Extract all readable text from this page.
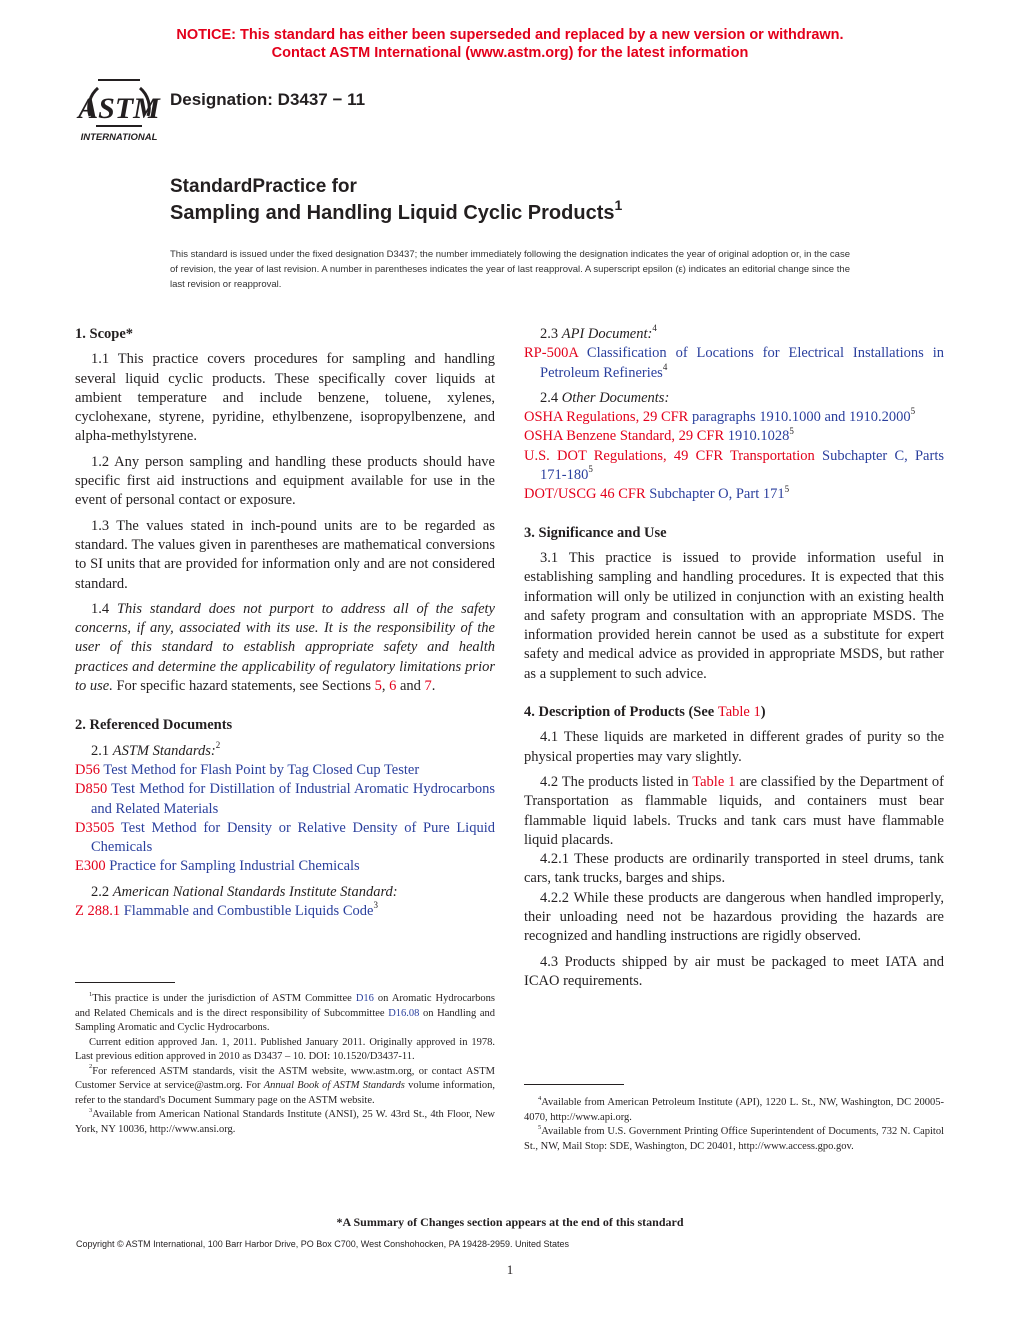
NOTICE: This standard has either been superseded and replaced by a new version or withdrawn.
Contact ASTM International (www.astm.org) for the latest information
ASTM
INTERNATIONAL
Designation: D3437 − 11
StandardPractice for
Sampling and Handling Liquid Cyclic Products$^1$
This standard is issued under the fixed designation D3437; the number immediately following the designation indicates the year of original adoption or, in the case of revision, the year of last revision. A number in parentheses indicates the year of last reapproval. A superscript epsilon (ε) indicates an editorial change since the last revision or reapproval.

1. Scope*

1.1 This practice covers procedures for sampling and handling several liquid cyclic products. These specifically cover liquids at ambient temperature and include benzene, toluene, xylenes, cyclohexane, styrene, pyridine, ethylbenzene, isopropylbenzene, and alpha-methylstyrene.

1.2 Any person sampling and handling these products should have specific first aid instructions and equipment available for use in the event of personal contact or exposure.

1.3 The values stated in inch-pound units are to be regarded as standard. The values given in parentheses are mathematical conversions to SI units that are provided for information only and are not considered standard.

1.4 This standard does not purport to address all of the safety concerns, if any, associated with its use. It is the responsibility of the user of this standard to establish appropriate safety and health practices and determine the applicability of regulatory limitations prior to use. For specific hazard statements, see Sections 5, 6 and 7.

2. Referenced Documents

2.1 ASTM Standards:$^2$

D56 Test Method for Flash Point by Tag Closed Cup Tester

D850 Test Method for Distillation of Industrial Aromatic Hydrocarbons and Related Materials

D3505 Test Method for Density or Relative Density of Pure Liquid Chemicals

E300 Practice for Sampling Industrial Chemicals

2.2 American National Standards Institute Standard:

Z 288.1 Flammable and Combustible Liquids Code$^3$

$^1$This practice is under the jurisdiction of ASTM Committee D16 on Aromatic Hydrocarbons and Related Chemicals and is the direct responsibility of Subcommittee D16.08 on Handling and Sampling Aromatic and Cyclic Hydrocarbons.

Current edition approved Jan. 1, 2011. Published January 2011. Originally approved in 1978. Last previous edition approved in 2010 as D3437 – 10. DOI: 10.1520/D3437-11.

$^2$For referenced ASTM standards, visit the ASTM website, www.astm.org, or contact ASTM Customer Service at service@astm.org. For Annual Book of ASTM Standards volume information, refer to the standard's Document Summary page on the ASTM website.

$^3$Available from American National Standards Institute (ANSI), 25 W. 43rd St., 4th Floor, New York, NY 10036, http://www.ansi.org.

2.3 API Document:$^4$

RP-500A Classification of Locations for Electrical Installations in Petroleum Refineries$^4$

2.4 Other Documents:

OSHA Regulations, 29 CFR paragraphs 1910.1000 and 1910.2000$^5$

OSHA Benzene Standard, 29 CFR 1910.1028$^5$

U.S. DOT Regulations, 49 CFR Transportation Subchapter C, Parts $171-180^5$

DOT/USCG 46 CFR Subchapter O, Part $171^5$

3. Significance and Use

3.1 This practice is issued to provide information useful in establishing sampling and handling procedures. It is expected that this information will only be utilized in conjunction with an existing health and safety program and consultation with an appropriate MSDS. The information provided herein cannot be used as a substitute for expert safety and medical advice as provided in appropriate MSDS, but rather as a supplement to such advice.

4. Description of Products (See Table 1)

4.1 These liquids are marketed in different grades of purity so the physical properties may vary slightly.

4.2 The products listed in Table 1 are classified by the Department of Transportation as flammable liquids, and containers must bear flammable liquid labels. Trucks and tank cars must have flammable liquid placards.

4.2.1 These products are ordinarily transported in steel drums, tank cars, tank trucks, barges and ships.

4.2.2 While these products are dangerous when handled improperly, their unloading need not be hazardous providing the hazards are recognized and handling instructions are rigidly observed.

4.3 Products shipped by air must be packaged to meet IATA and ICAO requirements.

$^4$Available from American Petroleum Institute (API), 1220 L. St., NW, Washington, DC 20005-4070, http://www.api.org.

$^5$Available from U.S. Government Printing Office Superintendent of Documents, 732 N. Capitol St., NW, Mail Stop: SDE, Washington, DC 20401, http://www.access.gpo.gov.

*A Summary of Changes section appears at the end of this standard
Copyright © ASTM International, 100 Barr Harbor Drive, PO Box C700, West Conshohocken, PA 19428-2959. United States
1
